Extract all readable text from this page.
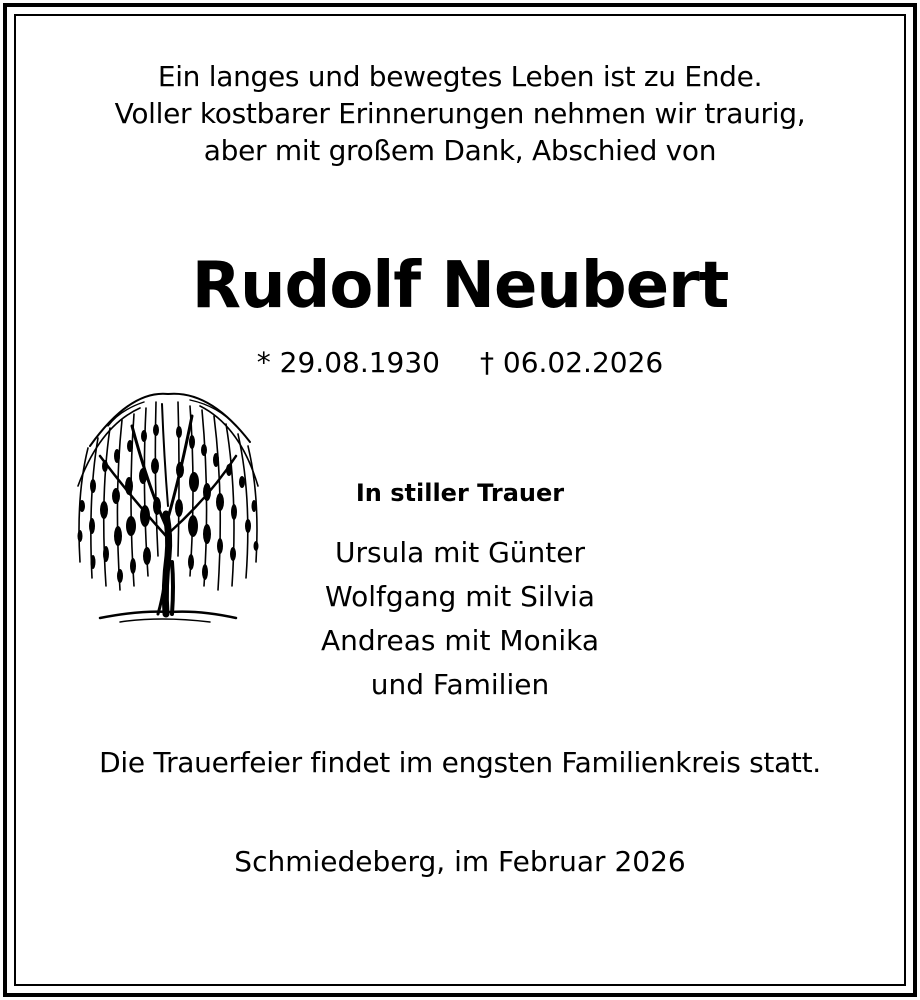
Ein langes und bewegtes Leben ist zu Ende.
Voller kostbarer Erinnerungen nehmen wir traurig,
aber mit großem Dank, Abschied von
Rudolf Neubert
* 29.08.1930 † 06.02.2026
In stiller Trauer
Ursula mit Günter
Wolfgang mit Silvia
Andreas mit Monika
und Familien
Die Trauerfeier findet im engsten Familienkreis statt.
Schmiedeberg, im Februar 2026
